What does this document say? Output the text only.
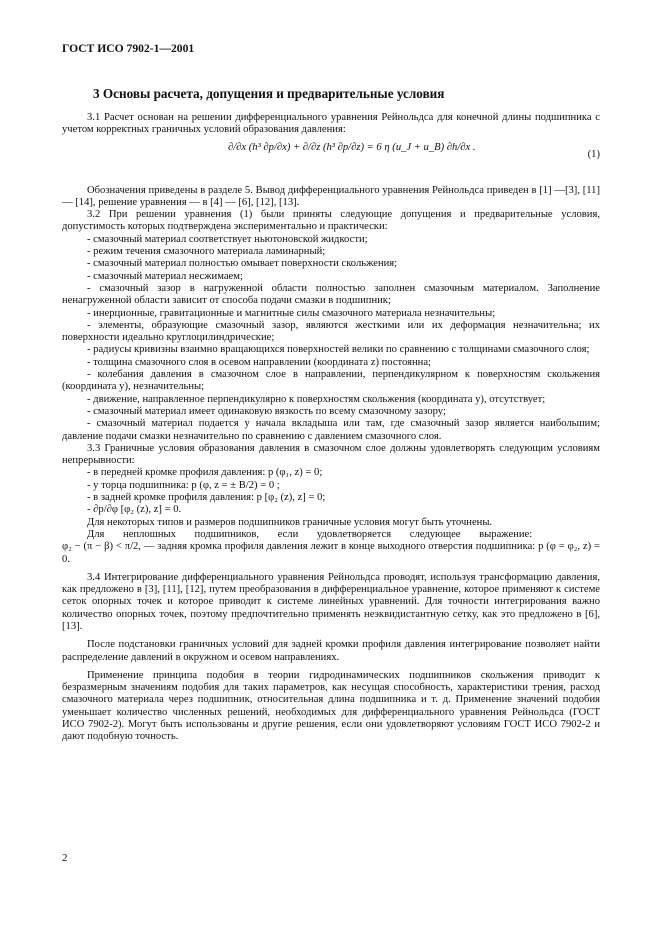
ГОСТ ИСО 7902-1—2001
3 Основы расчета, допущения и предварительные условия

3.1 Расчет основан на решении дифференциального уравнения Рейнольдса для конечной длины подшипника с учетом корректных граничных условий образования давления:

∂/∂x (h³ ∂p/∂x) + ∂/∂z (h³ ∂p/∂z) = 6 η (u_J + u_B) ∂h/∂x .
(1)

Обозначения приведены в разделе 5. Вывод дифференциального уравнения Рейнольдса приведен в [1] —[3], [11] — [14], решение уравнения — в [4] — [6], [12], [13].

3.2 При решении уравнения (1) были приняты следующие допущения и предварительные условия, допустимость которых подтверждена экспериментально и практически:

- смазочный материал соответствует ньютоновской жидкости;

- режим течения смазочного материала ламинарный;

- смазочный материал полностью омывает поверхности скольжения;

- смазочный материал несжимаем;

- смазочный зазор в нагруженной области полностью заполнен смазочным материалом. Заполнение ненагруженной области зависит от способа подачи смазки в подшипник;

- инерционные, гравитационные и магнитные силы смазочного материала незначительны;

- элементы, образующие смазочный зазор, являются жесткими или их деформация незначительна; их поверхности идеально круглоцилиндрические;

- радиусы кривизны взаимно вращающихся поверхностей велики по сравнению с толщинами смазочного слоя;

- толщина смазочного слоя в осевом направлении (координата z) постоянна;

- колебания давления в смазочном слое в направлении, перпендикулярном к поверхностям скольжения (координата y), незначительны;

- движение, направленное перпендикулярно к поверхностям скольжения (координата y), отсутствует;

- смазочный материал имеет одинаковую вязкость по всему смазочному зазору;

- смазочный материал подается у начала вкладыша или там, где смазочный зазор является наибольшим; давление подачи смазки незначительно по сравнению с давлением смазочного слоя.

3.3 Граничные условия образования давления в смазочном слое должны удовлетворять следующим условиям непрерывности:

- в передней кромке профиля давления: p (φ₁, z) = 0;

- у торца подшипника: p (φ, z = ± B/2) = 0 ;

- в задней кромке профиля давления: p [φ₂ (z), z] = 0;

- ∂p/∂φ [φ₂ (z), z] = 0.

Для некоторых типов и размеров подшипников граничные условия могут быть уточнены.

Для неплошных подшипников, если удовлетворяется следующее выражение:

φ₂ − (π − β) < π/2, — задняя кромка профиля давления лежит в конце выходного отверстия подшипника: p (φ = φ₂, z) = 0.

3.4 Интегрирование дифференциального уравнения Рейнольдса проводят, используя трансформацию давления, как предложено в [3], [11], [12], путем преобразования в дифференциальное уравнение, которое применяют к системе сеток опорных точек и которое приводит к системе линейных уравнений. Для точности интегрирования важно количество опорных точек, поэтому предпочтительно применять неэквидистантную сетку, как это предложено в [6], [13].

После подстановки граничных условий для задней кромки профиля давления интегрирование позволяет найти распределение давлений в окружном и осевом направлениях.

Применение принципа подобия в теории гидродинамических подшипников скольжения приводит к безразмерным значениям подобия для таких параметров, как несущая способность, характеристики трения, расход смазочного материала через подшипник, относительная длина подшипника и т. д. Применение значений подобия уменьшает количество численных решений, необходимых для дифференциального уравнения Рейнольдса (ГОСТ ИСО 7902-2). Могут быть использованы и другие решения, если они удовлетворяют условиям ГОСТ ИСО 7902-2 и дают подобную точность.

2
